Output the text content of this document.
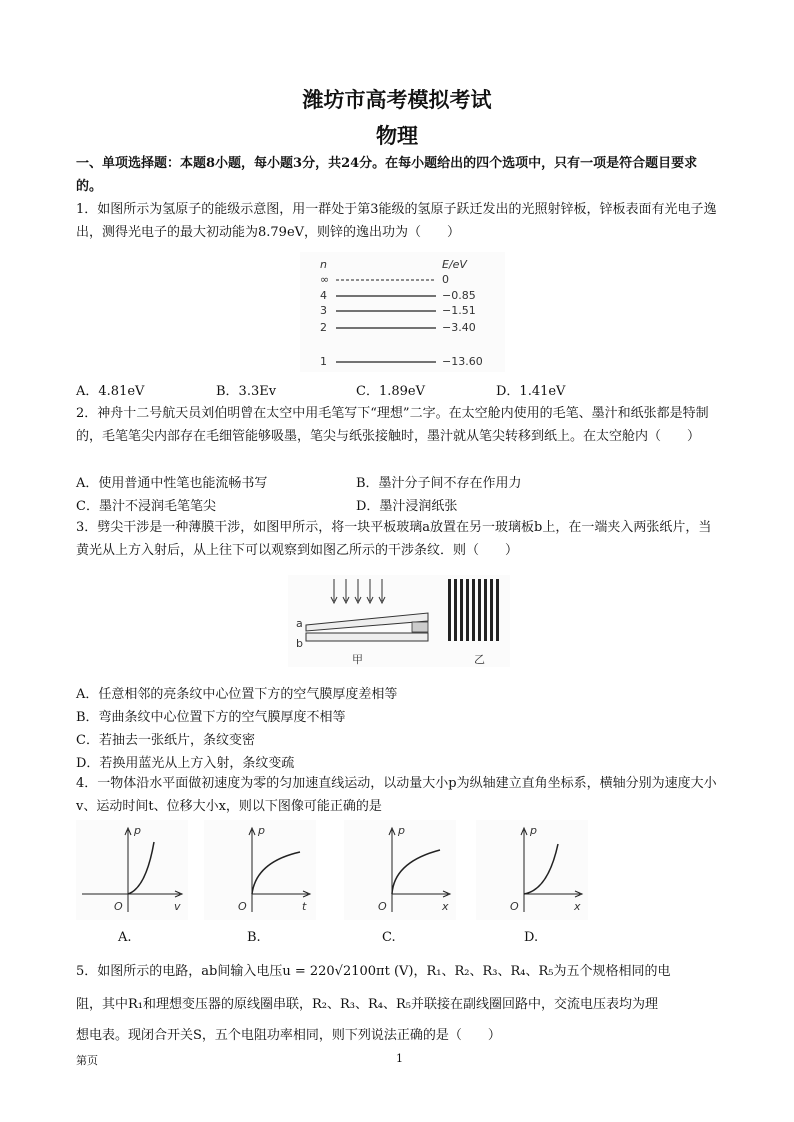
潍坊市高考模拟考试
物理
一、单项选择题：本题8小题，每小题3分，共24分。在每小题给出的四个选项中，只有一项是符合题目要求的。
1．如图所示为氢原子的能级示意图，用一群处于第3能级的氢原子跃迁发出的光照射锌板，锌板表面有光电子逸出，测得光电子的最大初动能为8.79eV，则锌的逸出功为（　　）
n	E/eV
∞	0
4	−0.85
3	−1.51
2	−3.40
1	−13.60
A．4.81eV	B．3.3Ev	C．1.89eV	D．1.41eV
2．神舟十二号航天员刘伯明曾在太空中用毛笔写下“理想”二字。在太空舱内使用的毛笔、墨汁和纸张都是特制的，毛笔笔尖内部存在毛细管能够吸墨，笔尖与纸张接触时，墨汁就从笔尖转移到纸上。在太空舱内（　　）
A．使用普通中性笔也能流畅书写	B．墨汁分子间不存在作用力
C．墨汁不浸润毛笔笔尖	D．墨汁浸润纸张
3．劈尖干涉是一种薄膜干涉，如图甲所示，将一块平板玻璃a放置在另一玻璃板b上，在一端夹入两张纸片，当黄光从上方入射后，从上往下可以观察到如图乙所示的干涉条纹．则（　　）
a
b
甲	乙
A．任意相邻的亮条纹中心位置下方的空气膜厚度差相等
B．弯曲条纹中心位置下方的空气膜厚度不相等
C．若抽去一张纸片，条纹变密
D．若换用蓝光从上方入射，条纹变疏
4．一物体沿水平面做初速度为零的匀加速直线运动，以动量大小p为纵轴建立直角坐标系，横轴分别为速度大小v、运动时间t、位移大小x，则以下图像可能正确的是
p
O	v
p
O	t
p
O	x
p
O	x
A.	B.	C.	D.
5．如图所示的电路，ab间输入电压u = 220√2100πt (V)，R₁、R₂、R₃、R₄、R₅为五个规格相同的电
阻，其中R₁和理想变压器的原线圈串联，R₂、R₃、R₄、R₅并联接在副线圈回路中，交流电压表均为理
想电表。现闭合开关S，五个电阻功率相同，则下列说法正确的是（　　）
第页	1
